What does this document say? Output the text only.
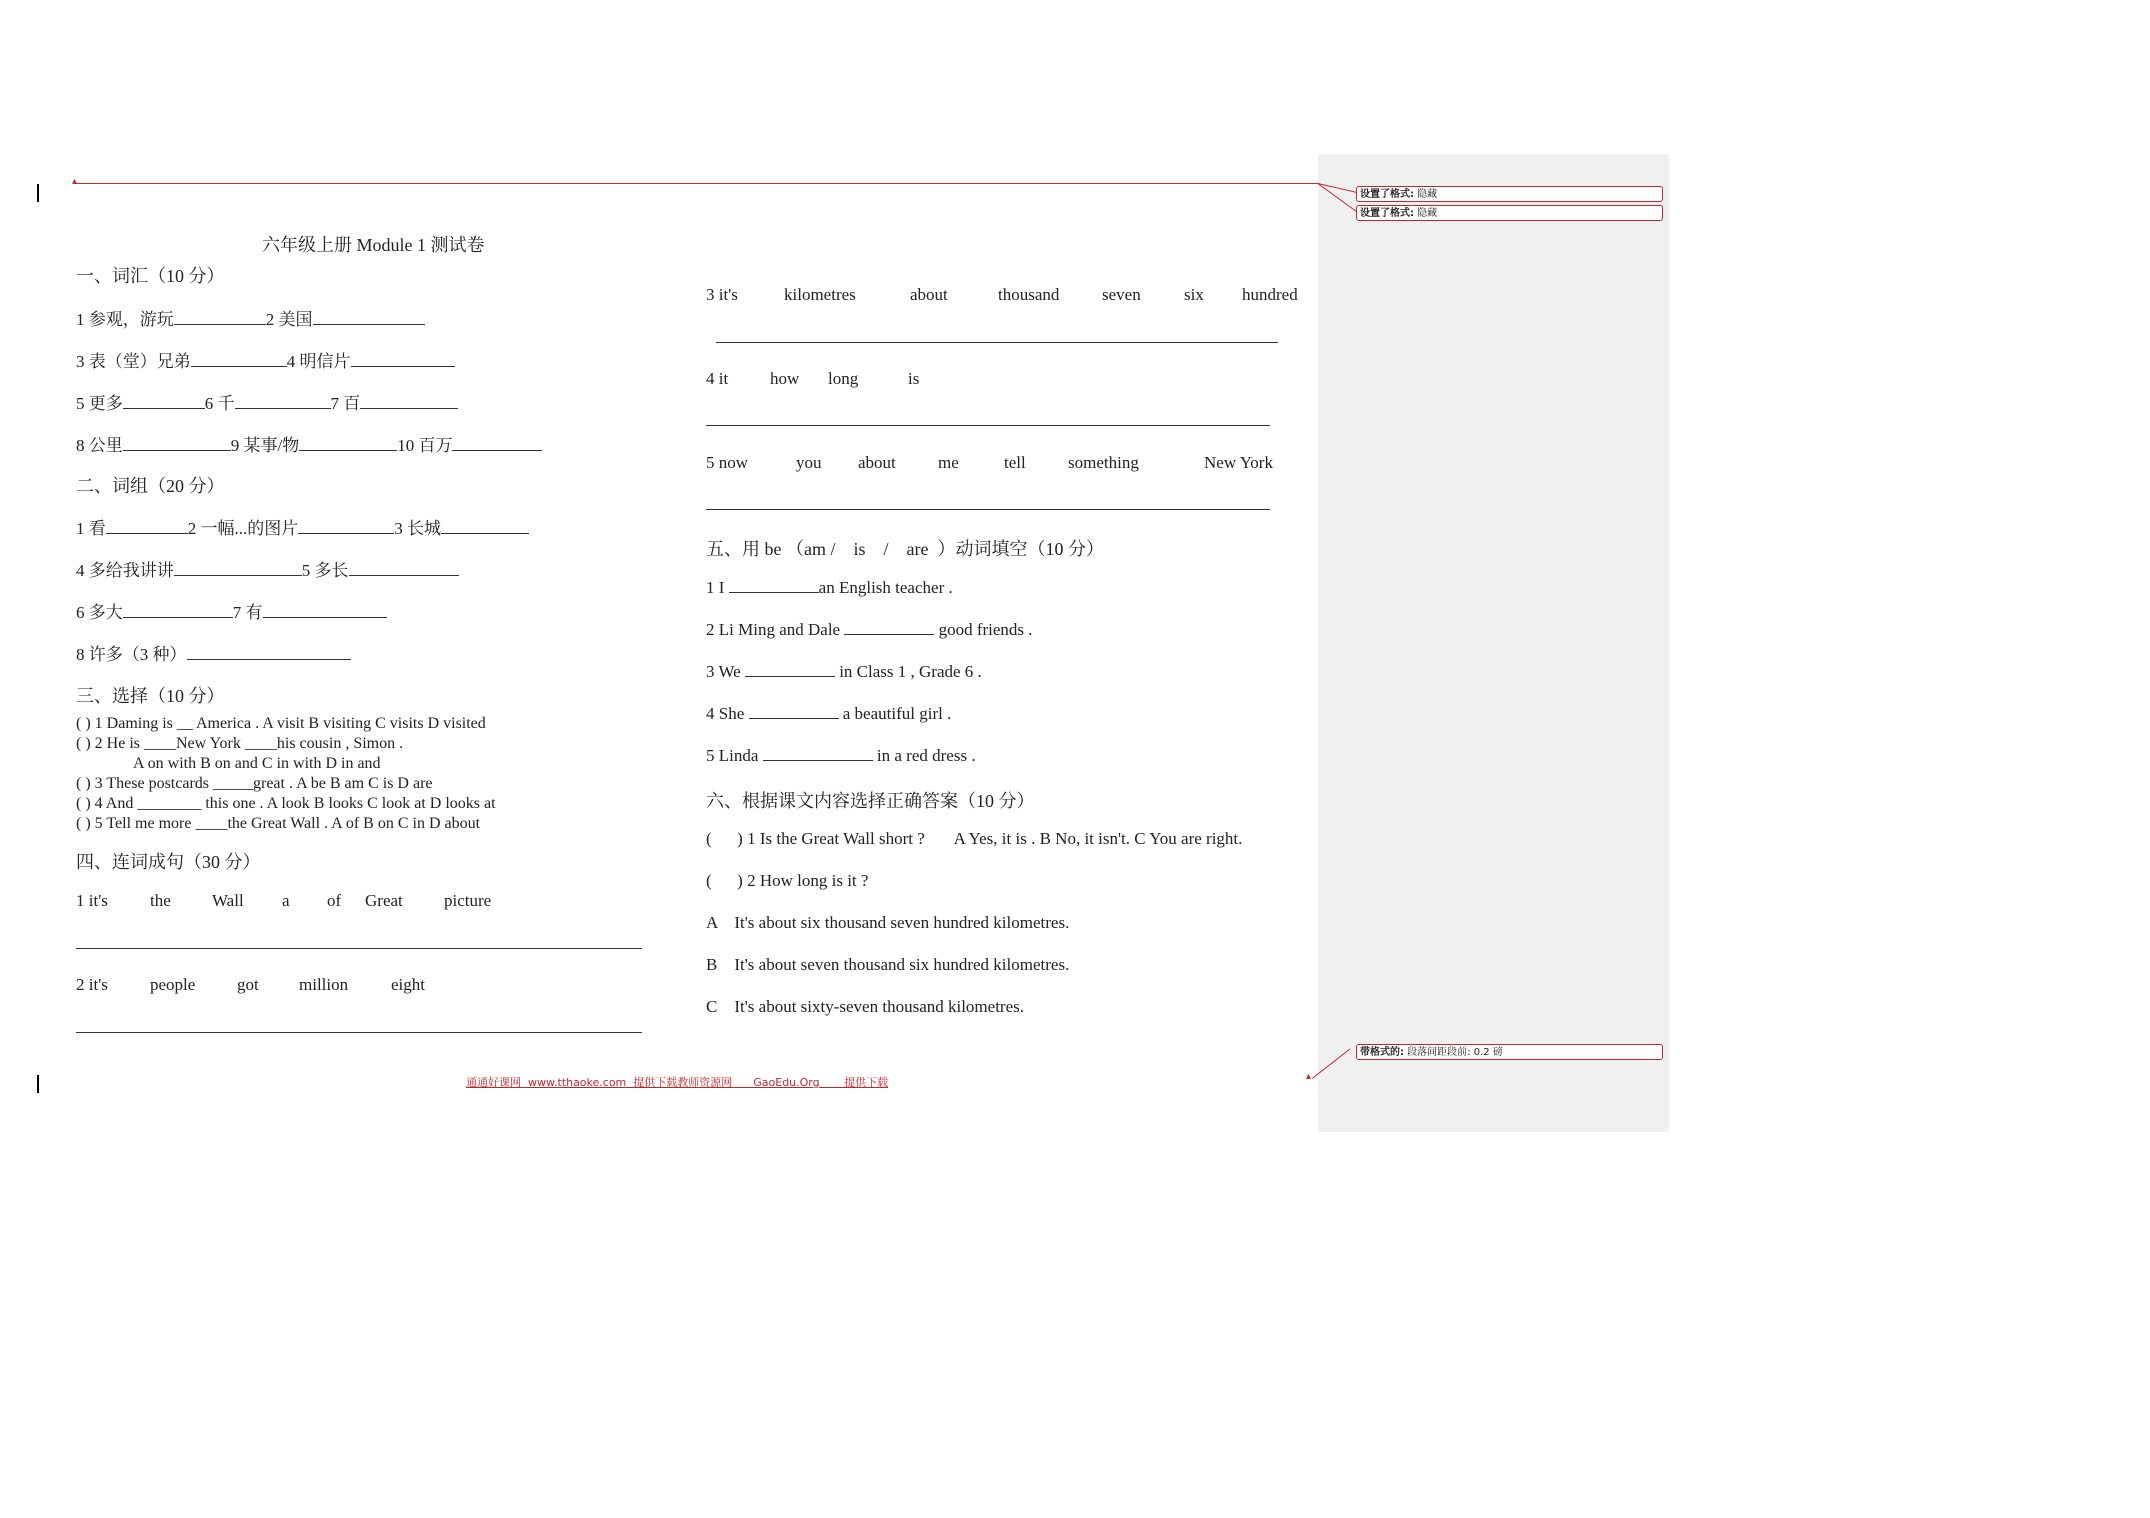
▴
▴
设置了格式: 隐藏
设置了格式: 隐藏
带格式的: 段落间距段前: 0.2 磅
六年级上册 Module 1 测试卷
一、词汇（10 分）
1 参观，游玩	2 美国
3 表（堂）兄弟	4 明信片
5 更多	6 千	7 百
8 公里	9 某事/物	10 百万
二、词组（20 分）
1 看	2 一幅...的图片	3 长城
4 多给我讲讲	5 多长
6 多大	7 有
8 许多（3 种）
三、选择（10 分）
( ) 1 Daming is __ America . A visit B visiting C visits D visited
( ) 2 He is ____New York ____his cousin , Simon .
A on with B on and C in with D in and
( ) 3 These postcards _____great . A be B am C is D are
( ) 4 And ________ this one . A look B looks C look at D looks at
( ) 5 Tell me more ____the Great Wall . A of B on C in D about
四、连词成句（30 分）
1 it's the Wall a of Great picture
2 it's people got million	eight
3 it's	kilometres	about	thousand	seven	six hundred
4 it how long	is
5 now	you about me	tell something	New York
五、用 be （am /    is    /    are  ）动词填空（10 分）
1 I	an English teacher .
2 Li Ming and Dale	good friends .
3 We	in Class 1 , Grade 6 .
4 She	a beautiful girl .
5 Linda	in a red dress .
六、根据课文内容选择正确答案（10 分）
(      ) 1 Is the Great Wall short ?       A Yes, it is . B No, it isn't. C You are right.
(      ) 2 How long is it ?
A    It's about six thousand seven hundred kilometres.
B    It's about seven thousand six hundred kilometres.
C    It's about sixty-seven thousand kilometres.
通通好课网  www.tthaoke.com  提供下载教师资源网      GaoEdu.Org       提供下载
